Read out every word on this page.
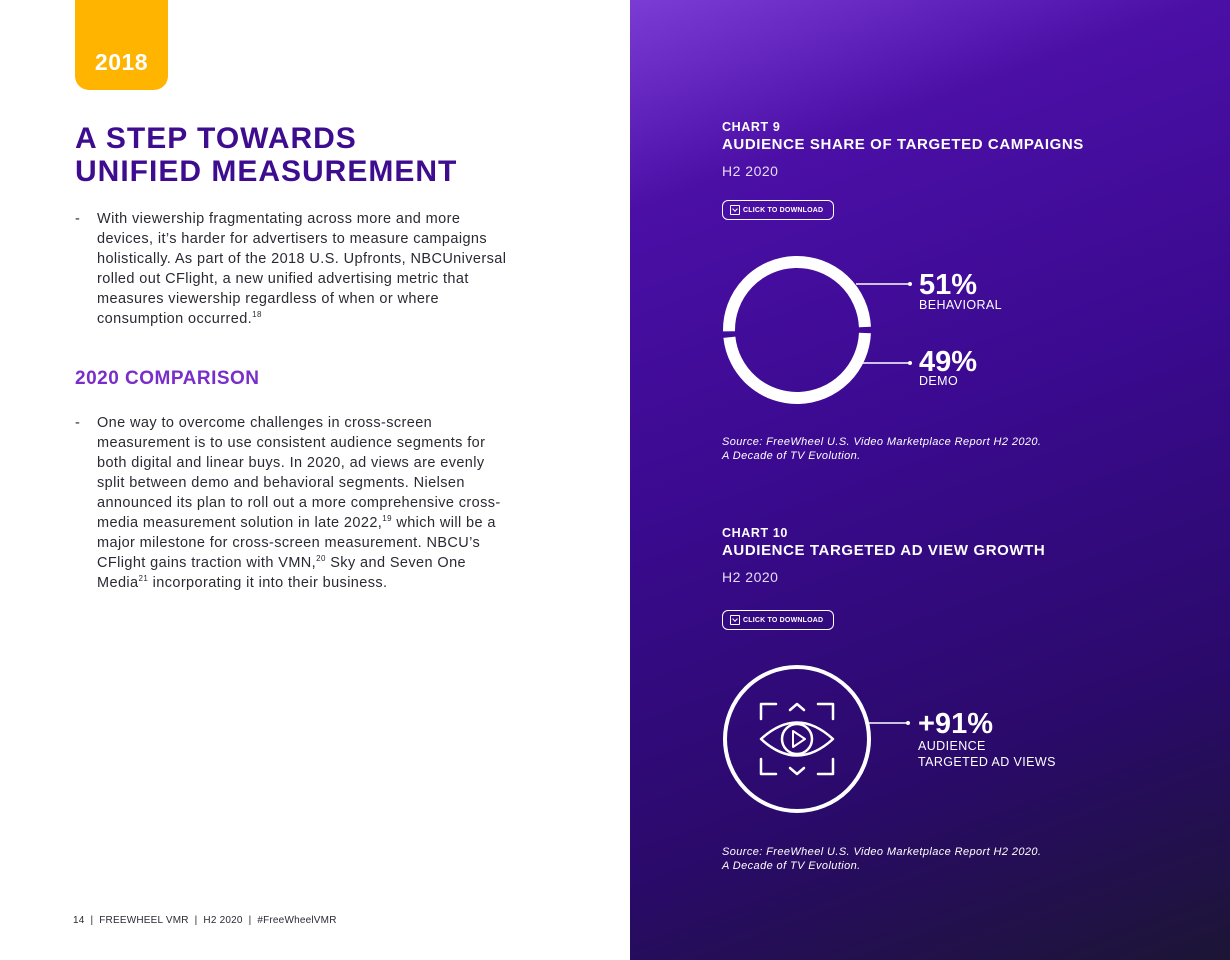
2018
A STEP TOWARDS
UNIFIED MEASUREMENT
- With viewership fragmentating across more and more devices, it’s harder for advertisers to measure campaigns holistically. As part of the 2018 U.S. Upfronts, NBCUniversal rolled out CFlight, a new unified advertising metric that measures viewership regardless of when or where consumption occurred.$^{18}$
2020 COMPARISON
- One way to overcome challenges in cross-screen measurement is to use consistent audience segments for both digital and linear buys. In 2020, ad views are evenly split between demo and behavioral segments. Nielsen announced its plan to roll out a more comprehensive cross-media measurement solution in late 2022,19 which will be a major milestone for cross-screen measurement. NBCU’s CFlight gains traction with VMN,$^{20}$ Sky and Seven One Media$^{21}$ incorporating it into their business.
14  |  FREEWHEEL VMR  |  H2 2020  |  #FreeWheelVMR
CHART 9
AUDIENCE SHARE OF TARGETED CAMPAIGNS
H2 2020
CLICK TO DOWNLOAD
51%
BEHAVIORAL
49%
DEMO
Source: FreeWheel U.S. Video Marketplace Report H2 2020.
A Decade of TV Evolution.
CHART 10
AUDIENCE TARGETED AD VIEW GROWTH
H2 2020
CLICK TO DOWNLOAD
+91%
AUDIENCE
TARGETED AD VIEWS
Source: FreeWheel U.S. Video Marketplace Report H2 2020.
A Decade of TV Evolution.
